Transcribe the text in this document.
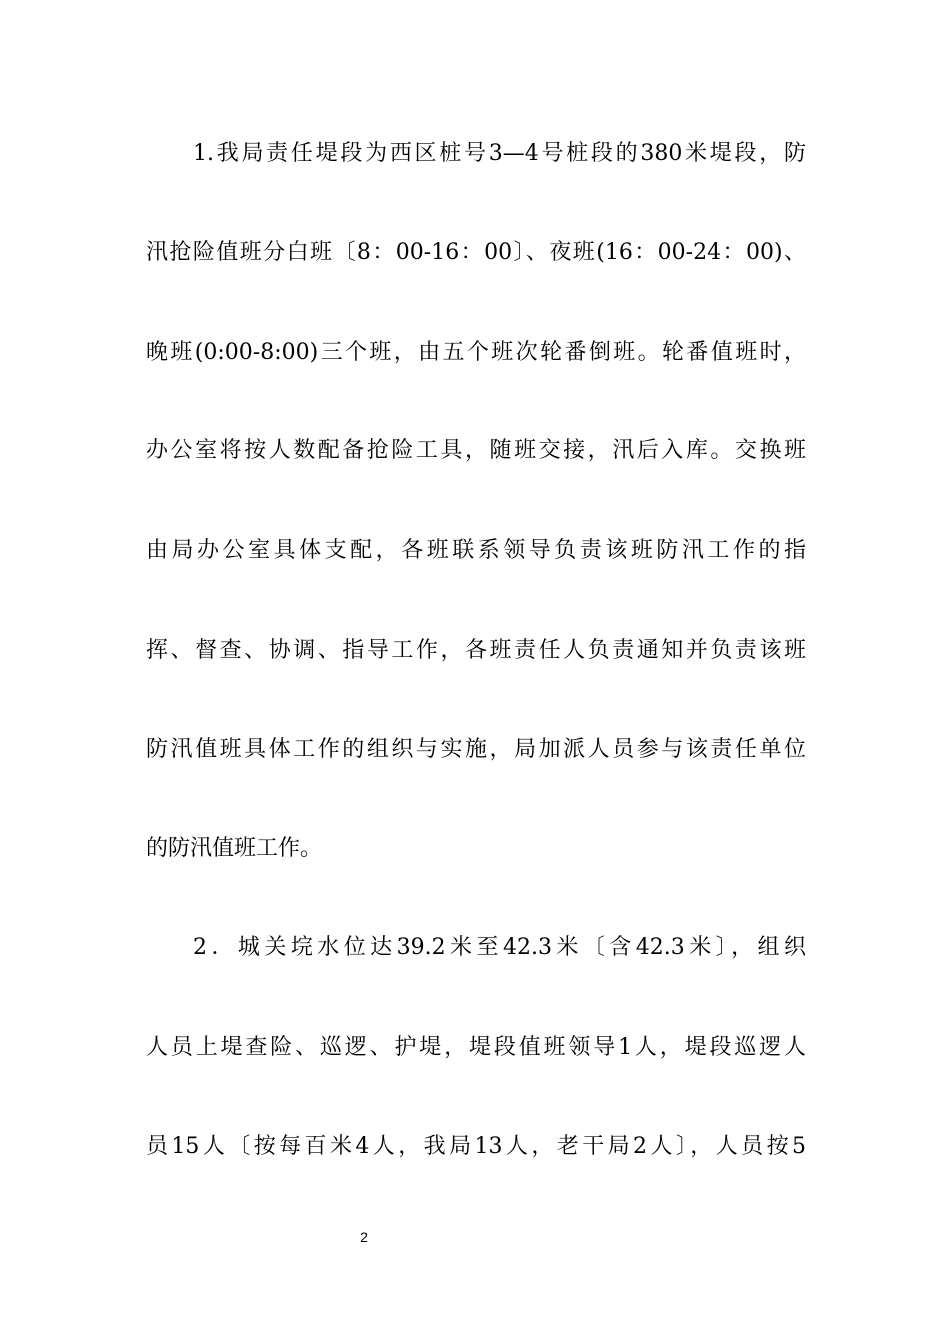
1.我局责任堤段为西区桩号3—4号桩段的380米堤段，防
汛抢险值班分白班〔8：00-16：00〕、夜班(16：00-24：00)、
晚班(0:00-8:00)三个班，由五个班次轮番倒班。轮番值班时，
办公室将按人数配备抢险工具，随班交接，汛后入库。交换班
由局办公室具体支配，各班联系领导负责该班防汛工作的指
挥、督查、协调、指导工作，各班责任人负责通知并负责该班
防汛值班具体工作的组织与实施，局加派人员参与该责任单位
的防汛值班工作。
2．城关垸水位达39.2米至42.3米〔含42.3米〕，组织
人员上堤查险、巡逻、护堤，堤段值班领导1人，堤段巡逻人
员15人〔按每百米4人，我局13人，老干局2人〕，人员按5
2
